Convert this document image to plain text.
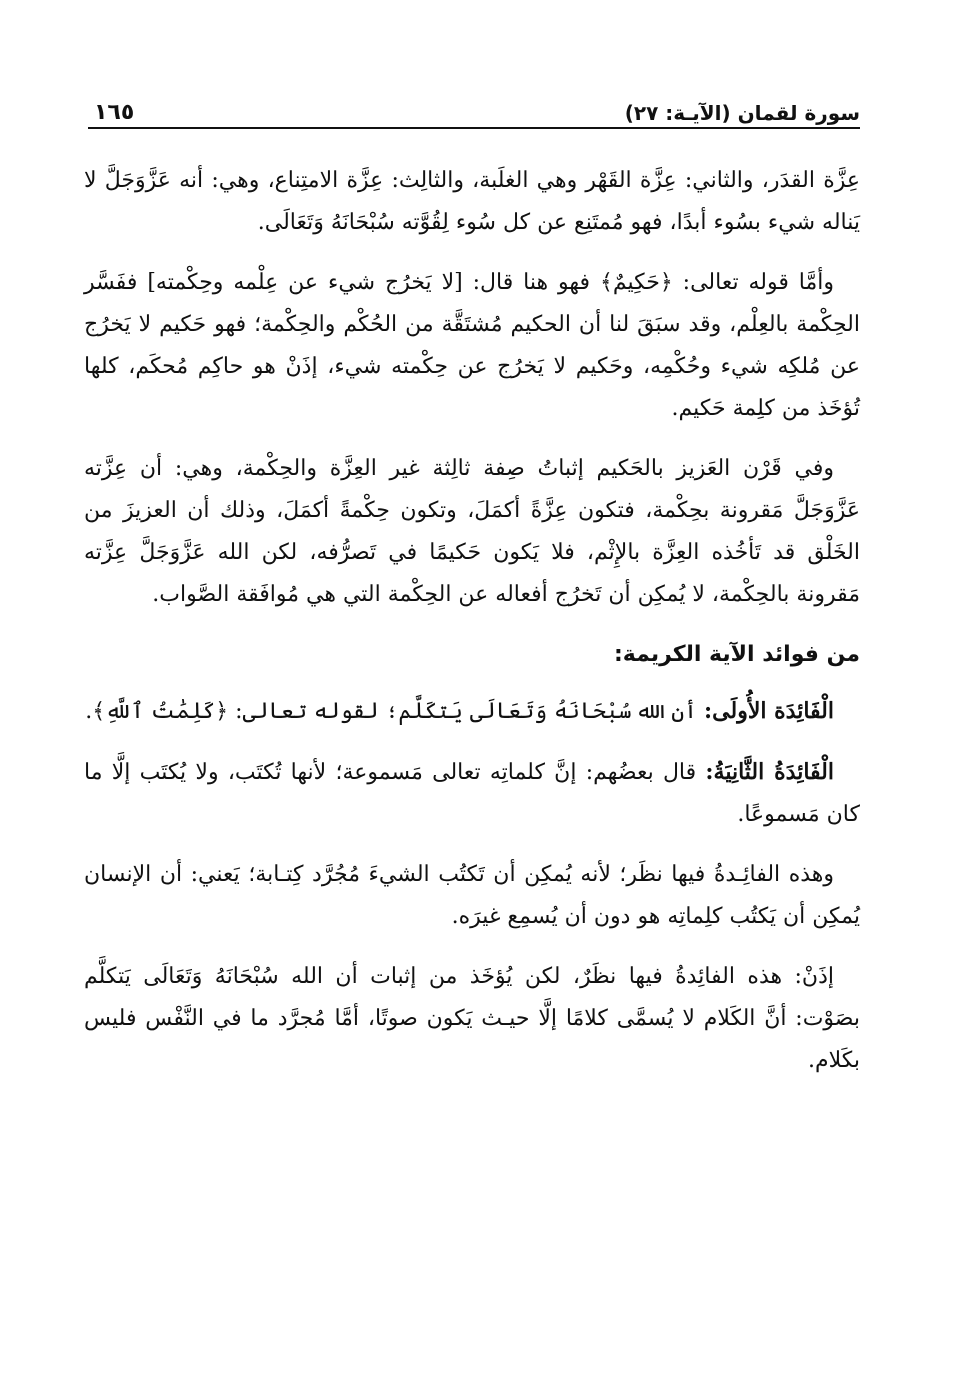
سورة لقمان (الآيـة: ٢٧)
١٦٥

عِزَّة القدَر، والثاني: عِزَّة القَهْر وهي الغلَبة، والثالِث: عِزَّة الامتِناع، وهي: أنه عَزَّوَجَلَّ لا يَناله شيء بسُوء أبدًا، فهو مُمتَنِع عن كل سُوء لِقُوَّته سُبْحَانَهُ وَتَعَالَى.

وأمَّا قوله تعالى: ﴿حَكِيمٌ﴾ فهو هنا قال: [لا يَخرُج شيء عن عِلْمه وحِكْمته] ففَسَّر الحِكْمة بالعِلْم، وقد سبَقَ لنا أن الحكيم مُشتَقَّة من الحُكْم والحِكْمة؛ فهو حَكيم لا يَخرُج عن مُلكِه شيء وحُكْمِه، وحَكيم لا يَخرُج عن حِكْمته شيء، إذَنْ هو حاكِم مُحكَم، كلها تُؤخَذ من كلِمة حَكيم.

وفي قَرْن العَزيز بالحَكيم إثباتُ صِفة ثالِثة غير العِزَّة والحِكْمة، وهي: أن عِزَّته عَزَّوَجَلَّ مَقرونة بحِكْمة، فتكون عِزَّةً أكمَلَ، وتكون حِكْمةً أكمَلَ، وذلك أن العزيزَ من الخَلْق قد تَأخُذه العِزَّة بالإِثْم، فلا يَكون حَكيمًا في تَصرُّفه، لكن الله عَزَّوَجَلَّ عِزَّته مَقرونة بالحِكْمة، لا يُمكِن أن تَخرُج أفعاله عن الحِكْمة التي هي مُوافَقة الصَّواب.

من فوائد الآية الكريمة:

الْفَائِدَة الأُولَى: أن الله سُبْحَانَهُ وَتَعَالَى يَتكَلَّم؛ لقوله تعالى: ﴿كَلِمَٰتُ ٱللَّهِ﴾.

الْفَائِدَةُ الثَّانِيَةُ: قال بعضُهم: إنَّ كلماتِه تعالى مَسموعة؛ لأنها تُكتَب، ولا يُكتَب إلَّا ما كان مَسموعًا.

وهذه الفائِـدةُ فيها نظَر؛ لأنه يُمكِن أن تَكتُب الشيءَ مُجُرَّد كِتـابة؛ يَعني: أن الإنسان يُمكِن أن يَكتُب كلِماتِه هو دون أن يُسمِع غيرَه.

إذَنْ: هذه الفائِدةُ فيها نظَرٌ، لكن يُؤخَذ من إثبات أن الله سُبْحَانَهُ وَتَعَالَى يَتكلَّم بصَوْت: أنَّ الكَلام لا يُسمَّى كلامًا إلَّا حيـث يَكون صوتًا، أمَّا مُجرَّد ما في النَّفْس فليس بكَلام.
